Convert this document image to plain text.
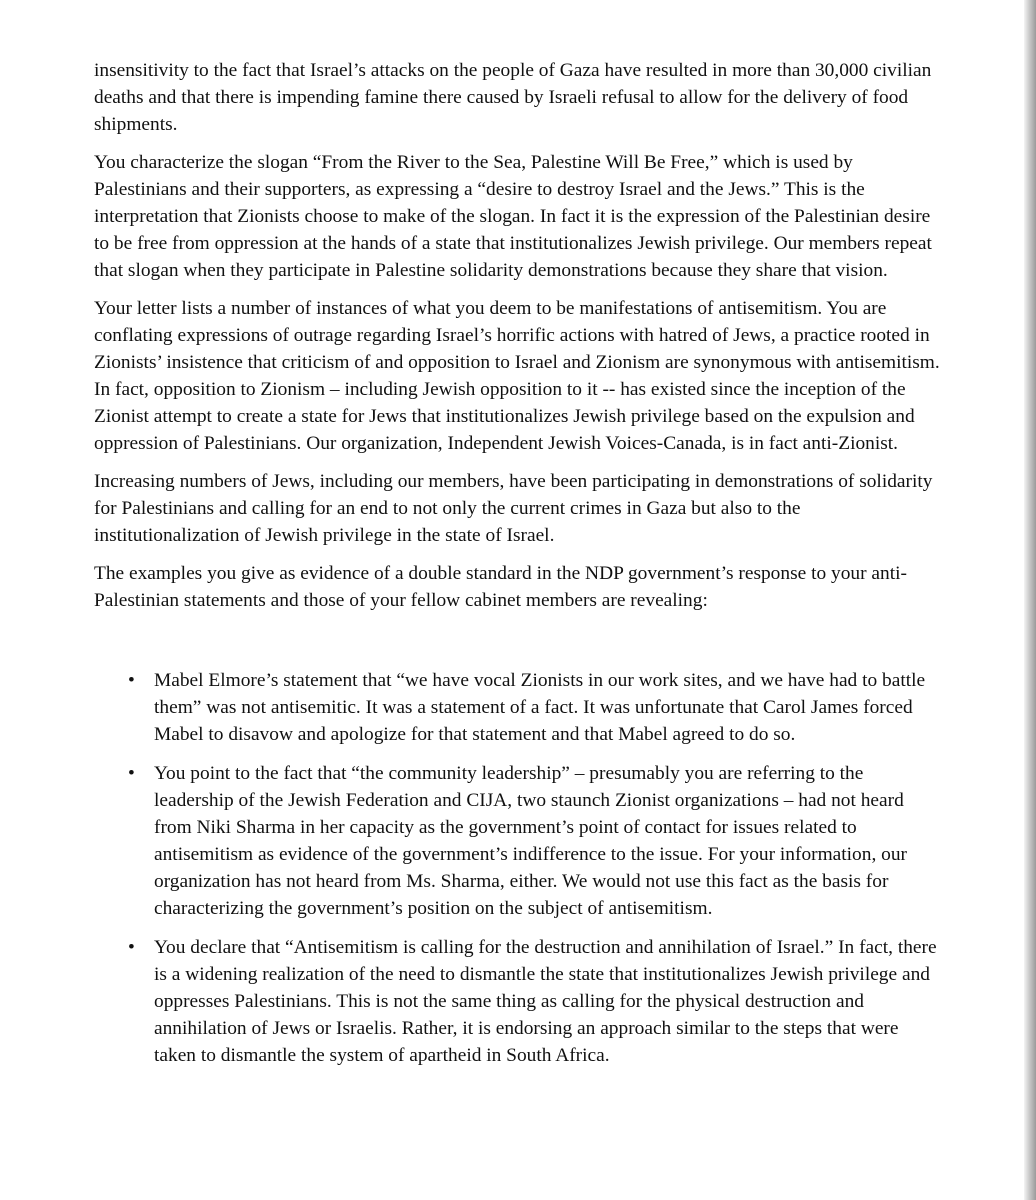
insensitivity to the fact that Israel’s attacks on the people of Gaza have resulted in more than 30,000 civilian deaths and that there is impending famine there caused by Israeli refusal to allow for the delivery of food shipments.

You characterize the slogan “From the River to the Sea, Palestine Will Be Free,” which is used by Palestinians and their supporters, as expressing a “desire to destroy Israel and the Jews.” This is the interpretation that Zionists choose to make of the slogan. In fact it is the expression of the Palestinian desire to be free from oppression at the hands of a state that institutionalizes Jewish privilege. Our members repeat that slogan when they participate in Palestine solidarity demonstrations because they share that vision.

Your letter lists a number of instances of what you deem to be manifestations of antisemitism. You are conflating expressions of outrage regarding Israel’s horrific actions with hatred of Jews, a practice rooted in Zionists’ insistence that criticism of and opposition to Israel and Zionism are synonymous with antisemitism. In fact, opposition to Zionism – including Jewish opposition to it -- has existed since the inception of the Zionist attempt to create a state for Jews that institutionalizes Jewish privilege based on the expulsion and oppression of Palestinians. Our organization, Independent Jewish Voices-Canada, is in fact anti-Zionist.

Increasing numbers of Jews, including our members, have been participating in demonstrations of solidarity for Palestinians and calling for an end to not only the current crimes in Gaza but also to the institutionalization of Jewish privilege in the state of Israel.

The examples you give as evidence of a double standard in the NDP government’s response to your anti-Palestinian statements and those of your fellow cabinet members are revealing:

• Mabel Elmore’s statement that “we have vocal Zionists in our work sites, and we have had to battle them” was not antisemitic. It was a statement of a fact. It was unfortunate that Carol James forced Mabel to disavow and apologize for that statement and that Mabel agreed to do so.
• You point to the fact that “the community leadership” – presumably you are referring to the leadership of the Jewish Federation and CIJA, two staunch Zionist organizations – had not heard from Niki Sharma in her capacity as the government’s point of contact for issues related to antisemitism as evidence of the government’s indifference to the issue. For your information, our organization has not heard from Ms. Sharma, either. We would not use this fact as the basis for characterizing the government’s position on the subject of antisemitism.
• You declare that “Antisemitism is calling for the destruction and annihilation of Israel.” In fact, there is a widening realization of the need to dismantle the state that institutionalizes Jewish privilege and oppresses Palestinians. This is not the same thing as calling for the physical destruction and annihilation of Jews or Israelis. Rather, it is endorsing an approach similar to the steps that were taken to dismantle the system of apartheid in South Africa.
